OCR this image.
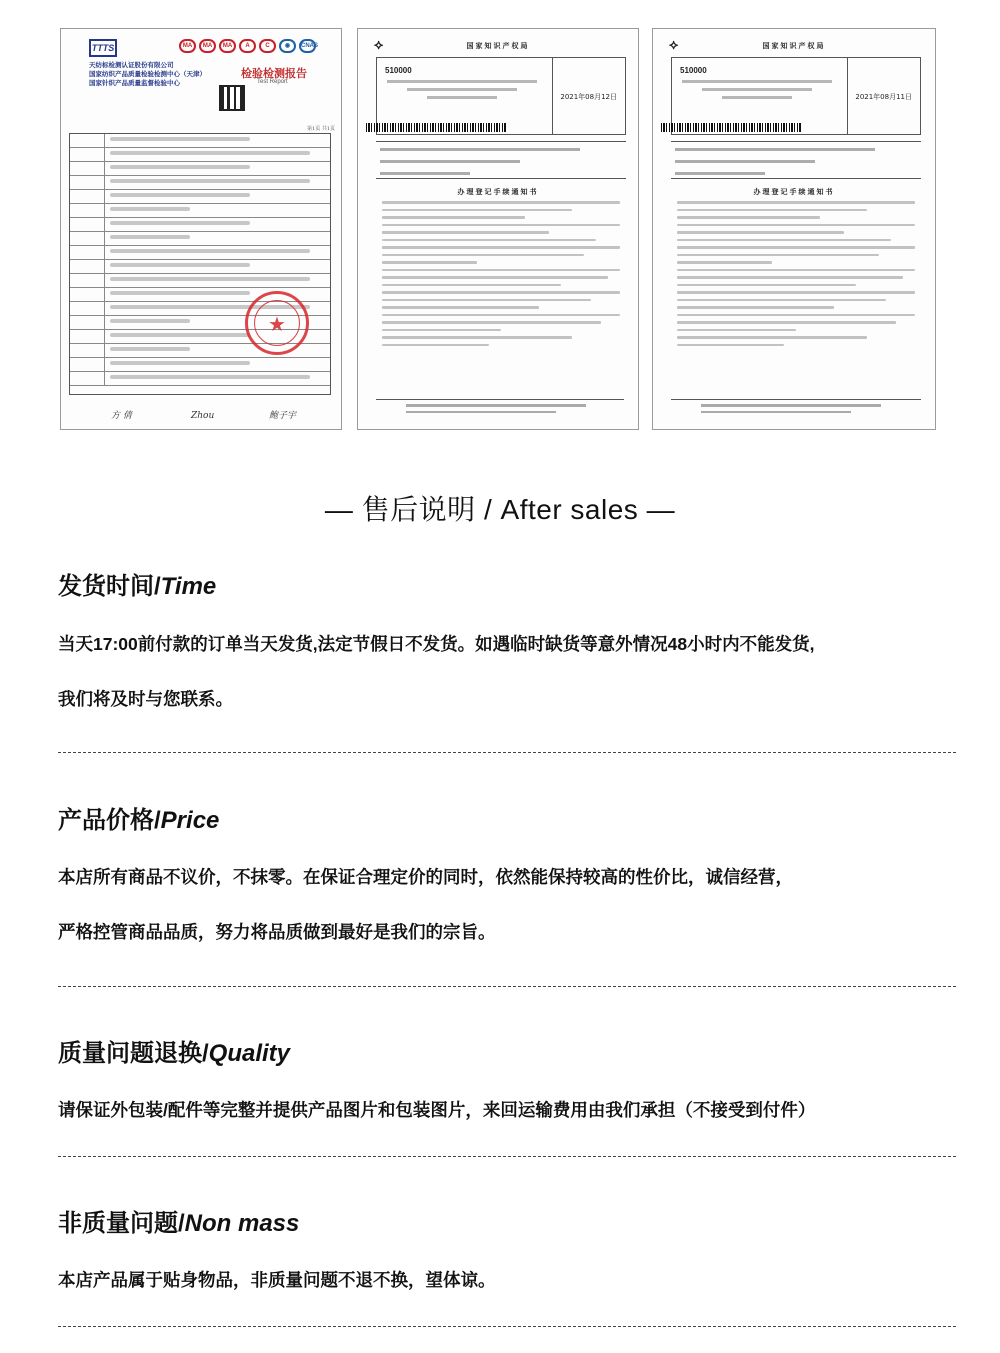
TTTS
天纺标检测认证股份有限公司
国家纺织产品质量检验检测中心（天津）
国家针织产品质量监督检验中心
MA	MA	MA	A	C	◉	CNAS
检验检测报告
Test Report
第1页 共1页
★
方 倩	Zhou	鲍子宇
⟡	国家知识产权局
510000
2021年08月12日
办理登记手续通知书
⟡	国家知识产权局
510000
2021年08月11日
办理登记手续通知书
— 售后说明 / After sales —
发货时间/Time

当天17:00前付款的订单当天发货,法定节假日不发货。如遇临时缺货等意外情况48小时内不能发货,

我们将及时与您联系。

产品价格/Price

本店所有商品不议价，不抹零。在保证合理定价的同时，依然能保持较高的性价比，诚信经营，

严格控管商品品质，努力将品质做到最好是我们的宗旨。

质量问题退换/Quality

请保证外包装/配件等完整并提供产品图片和包装图片，来回运输费用由我们承担（不接受到付件）

非质量问题/Non mass

本店产品属于贴身物品，非质量问题不退不换，望体谅。
